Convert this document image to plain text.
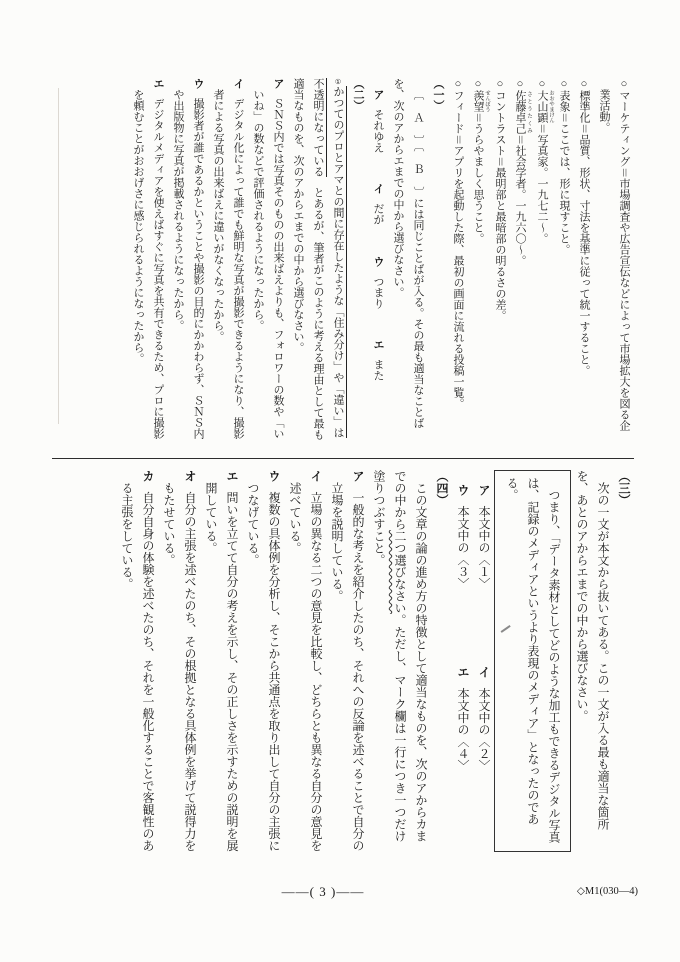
○マーケティング＝市場調査や広告宣伝などによって市場拡大を図る企業活動。
○標準化＝品質、形状、寸法を基準に従って統一すること。
○表象＝ここでは、形に現すこと。
○大山顕 おおやまけん＝写真家。一九七二〜。
○佐藤卓己 さとうたくみ＝社会学者。一九六〇〜。
○コントラスト＝最明部と最暗部の明るさの差。
○羨望 せんぼう＝うらやましく思うこと。
○フィード＝アプリを起動した際、最初の画面に流れる投稿一覧。
（一）

〔 Ａ 〕〔 Ｂ 〕には同じことばが入る。その最も適当なことばを、次のアからエまでの中から選びなさい。

アそれゆえ イだが ウつまり エまた
（二）

①かつてのプロとアマとの間に存在したような「住み分け」や「違い」は不透明になっているとあるが、筆者がこのように考える理由として最も適当なものを、次のアからエまでの中から選びなさい。

アＳＮＳ内では写真そのものの出来ばえよりも、フォロワーの数や「いいね」の数などで評価されるようになったから。
イデジタル化によって誰でも鮮明な写真が撮影できるようになり、撮影者による写真の出来ばえに違いがなくなったから。
ウ撮影者が誰であるかということや撮影の目的にかかわらず、ＳＮＳ内や出版物に写真が掲載されるようになったから。
エデジタルメディアを使えばすぐに写真を共有できるため、プロに撮影を頼むことがおおげさに感じられるようになったから。
（三）

次の一文が本文から抜いてある。この一文が入る最も適当な箇所を、あとのアからエまでの中から選びなさい。

つまり、「データ素材としてどのような加工もできるデジタル写真は、記録のメディアというより表現のメディア」となったのである。

ア本文中の〈１〉 イ本文中の〈２〉
ウ本文中の〈３〉 エ本文中の〈４〉
（四）

この文章の論の進め方の特徴として適当なものを、次のアからカまでの中から二つ選びなさい。ただし、マーク欄は一行につき一つだけ塗りつぶすこと。

ア一般的な考えを紹介したのち、それへの反論を述べることで自分の立場を説明している。
イ立場の異なる二つの意見を比較し、どちらとも異なる自分の意見を述べている。
ウ複数の具体例を分析し、そこから共通点を取り出して自分の主張につなげている。
エ問いを立てて自分の考えを示し、その正しさを示すための説明を展開している。
オ自分の主張を述べたのち、その根拠となる具体例を挙げて説得力をもたせている。
カ自分自身の体験を述べたのち、それを一般化することで客観性のある主張をしている。
——( 3 )——	◇M1(030—4)
